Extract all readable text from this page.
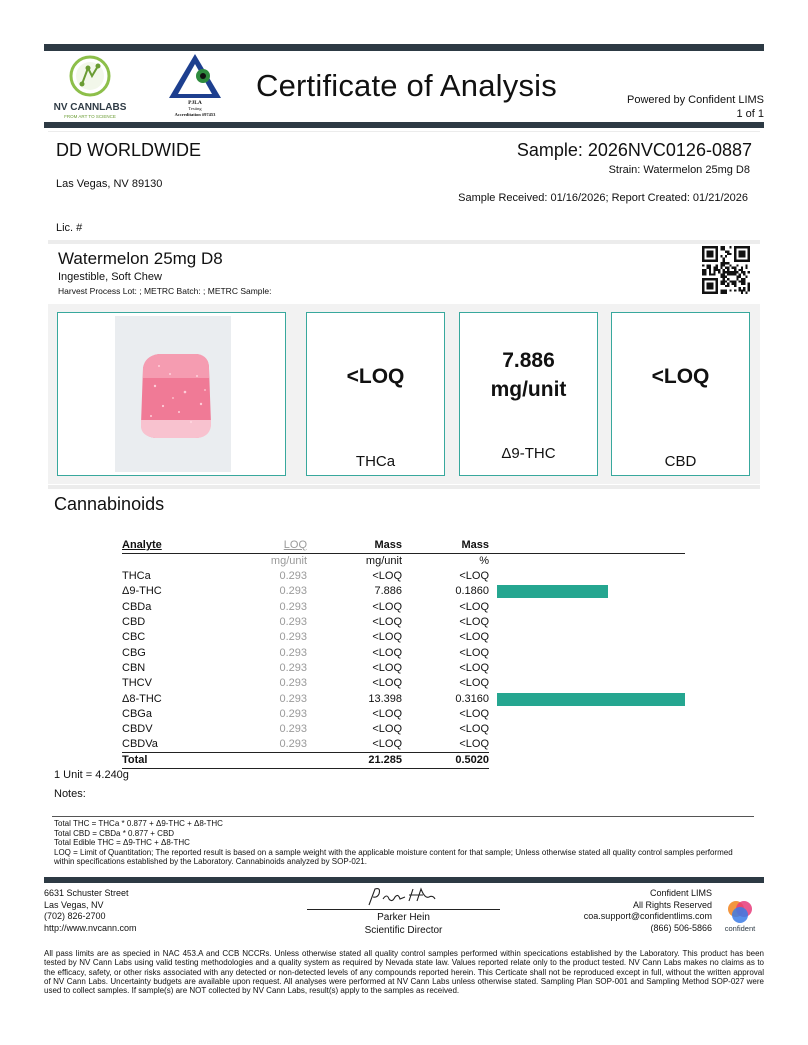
NV CANNLABS
FROM ART TO SCIENCE
PJLA
Testing
Accreditation #97453
Certificate of Analysis	Powered by Confident LIMS
1 of 1
DD WORLDWIDE
Las Vegas, NV 89130
Lic. #
Sample: 2026NVC0126-0887
Strain: Watermelon 25mg D8
Sample Received: 01/16/2026; Report Created: 01/21/2026
Watermelon 25mg D8
Ingestible, Soft Chew
Harvest Process Lot: ; METRC Batch: ; METRC Sample:
<LOQ
THCa
7.886
mg/unit
Δ9-THC
<LOQ
CBD
Cannabinoids
Analyte	LOQ	Mass	Mass	
	mg/unit	mg/unit	%	
THCa	0.293	<LOQ	<LOQ	
Δ9-THC	0.293	7.886	0.1860	

CBDa	0.293	<LOQ	<LOQ	
CBD	0.293	<LOQ	<LOQ	
CBC	0.293	<LOQ	<LOQ	
CBG	0.293	<LOQ	<LOQ	
CBN	0.293	<LOQ	<LOQ	
THCV	0.293	<LOQ	<LOQ	
Δ8-THC	0.293	13.398	0.3160	

CBGa	0.293	<LOQ	<LOQ	
CBDV	0.293	<LOQ	<LOQ	
CBDVa	0.293	<LOQ	<LOQ	
Total		21.285	0.5020	
1 Unit = 4.240g
Notes:
Total THC = THCa * 0.877 + Δ9-THC + Δ8-THC
Total CBD = CBDa * 0.877 + CBD
Total Edible THC = Δ9-THC + Δ8-THC
LOQ = Limit of Quantitation; The reported result is based on a sample weight with the applicable moisture content for that sample; Unless otherwise stated all quality control samples performed within specifications established by the Laboratory. Cannabinoids analyzed by SOP-021.
6631 Schuster Street
Las Vegas, NV
(702) 826-2700
http://www.nvcann.com
Parker Hein
Scientific Director
Confident LIMS
All Rights Reserved
coa.support@confidentlims.com
(866) 506-5866 confident
All pass limits are as specied in NAC 453.A and CCB NCCRs. Unless otherwise stated all quality control samples performed within specications established by the Laboratory. This product has been tested by NV Cann Labs using valid testing methodologies and a quality system as required by Nevada state law. Values reported relate only to the product tested. NV Cann Labs makes no claims as to the efficacy, safety, or other risks associated with any detected or non-detected levels of any compounds reported herein. This Certicate shall not be reproduced except in full, without the written approval of NV Cann Labs. Uncertainty budgets are available upon request. All analyses were performed at NV Cann Labs unless otherwise stated. Sampling Plan SOP-001 and Sampling Method SOP-027 were used to collect samples. If sample(s) are NOT collected by NV Cann Labs, result(s) apply to the samples as received.
